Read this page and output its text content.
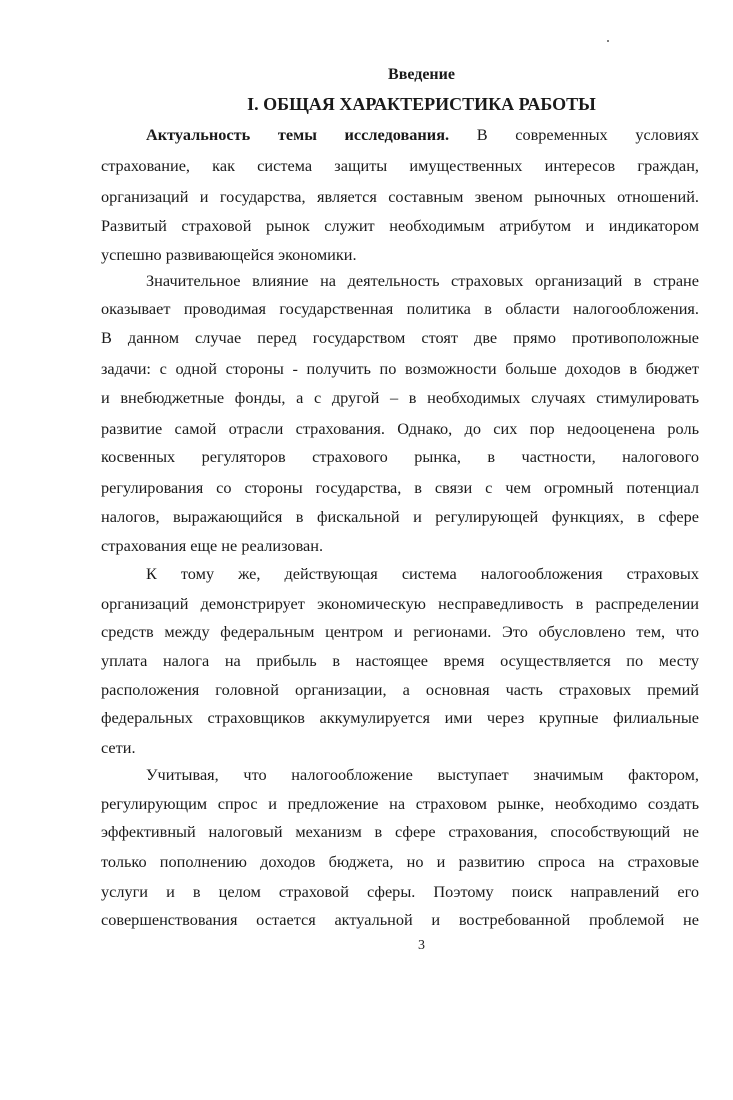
Введение
I. ОБЩАЯ ХАРАКТЕРИСТИКА РАБОТЫ
Актуальность темы исследования. В современных условиях
страхование, как система защиты имущественных интересов граждан,
организаций и государства, является составным звеном рыночных отношений.
Развитый страховой рынок служит необходимым атрибутом и индикатором
успешно развивающейся экономики.
Значительное влияние на деятельность страховых организаций в стране
оказывает проводимая государственная политика в области налогообложения.
В данном случае перед государством стоят две прямо противоположные
задачи: с одной стороны - получить по возможности больше доходов в бюджет
и внебюджетные фонды, а с другой – в необходимых случаях стимулировать
развитие самой отрасли страхования. Однако, до сих пор недооценена роль
косвенных регуляторов страхового рынка, в частности, налогового
регулирования со стороны государства, в связи с чем огромный потенциал
налогов, выражающийся в фискальной и регулирующей функциях, в сфере
страхования еще не реализован.
К тому же, действующая система налогообложения страховых
организаций демонстрирует экономическую несправедливость в распределении
средств между федеральным центром и регионами. Это обусловлено тем, что
уплата налога на прибыль в настоящее время осуществляется по месту
расположения головной организации, а основная часть страховых премий
федеральных страховщиков аккумулируется ими через крупные филиальные
сети.
Учитывая, что налогообложение выступает значимым фактором,
регулирующим спрос и предложение на страховом рынке, необходимо создать
эффективный налоговый механизм в сфере страхования, способствующий не
только пополнению доходов бюджета, но и развитию спроса на страховые
услуги и в целом страховой сферы. Поэтому поиск направлений его
совершенствования остается актуальной и востребованной проблемой не
3
